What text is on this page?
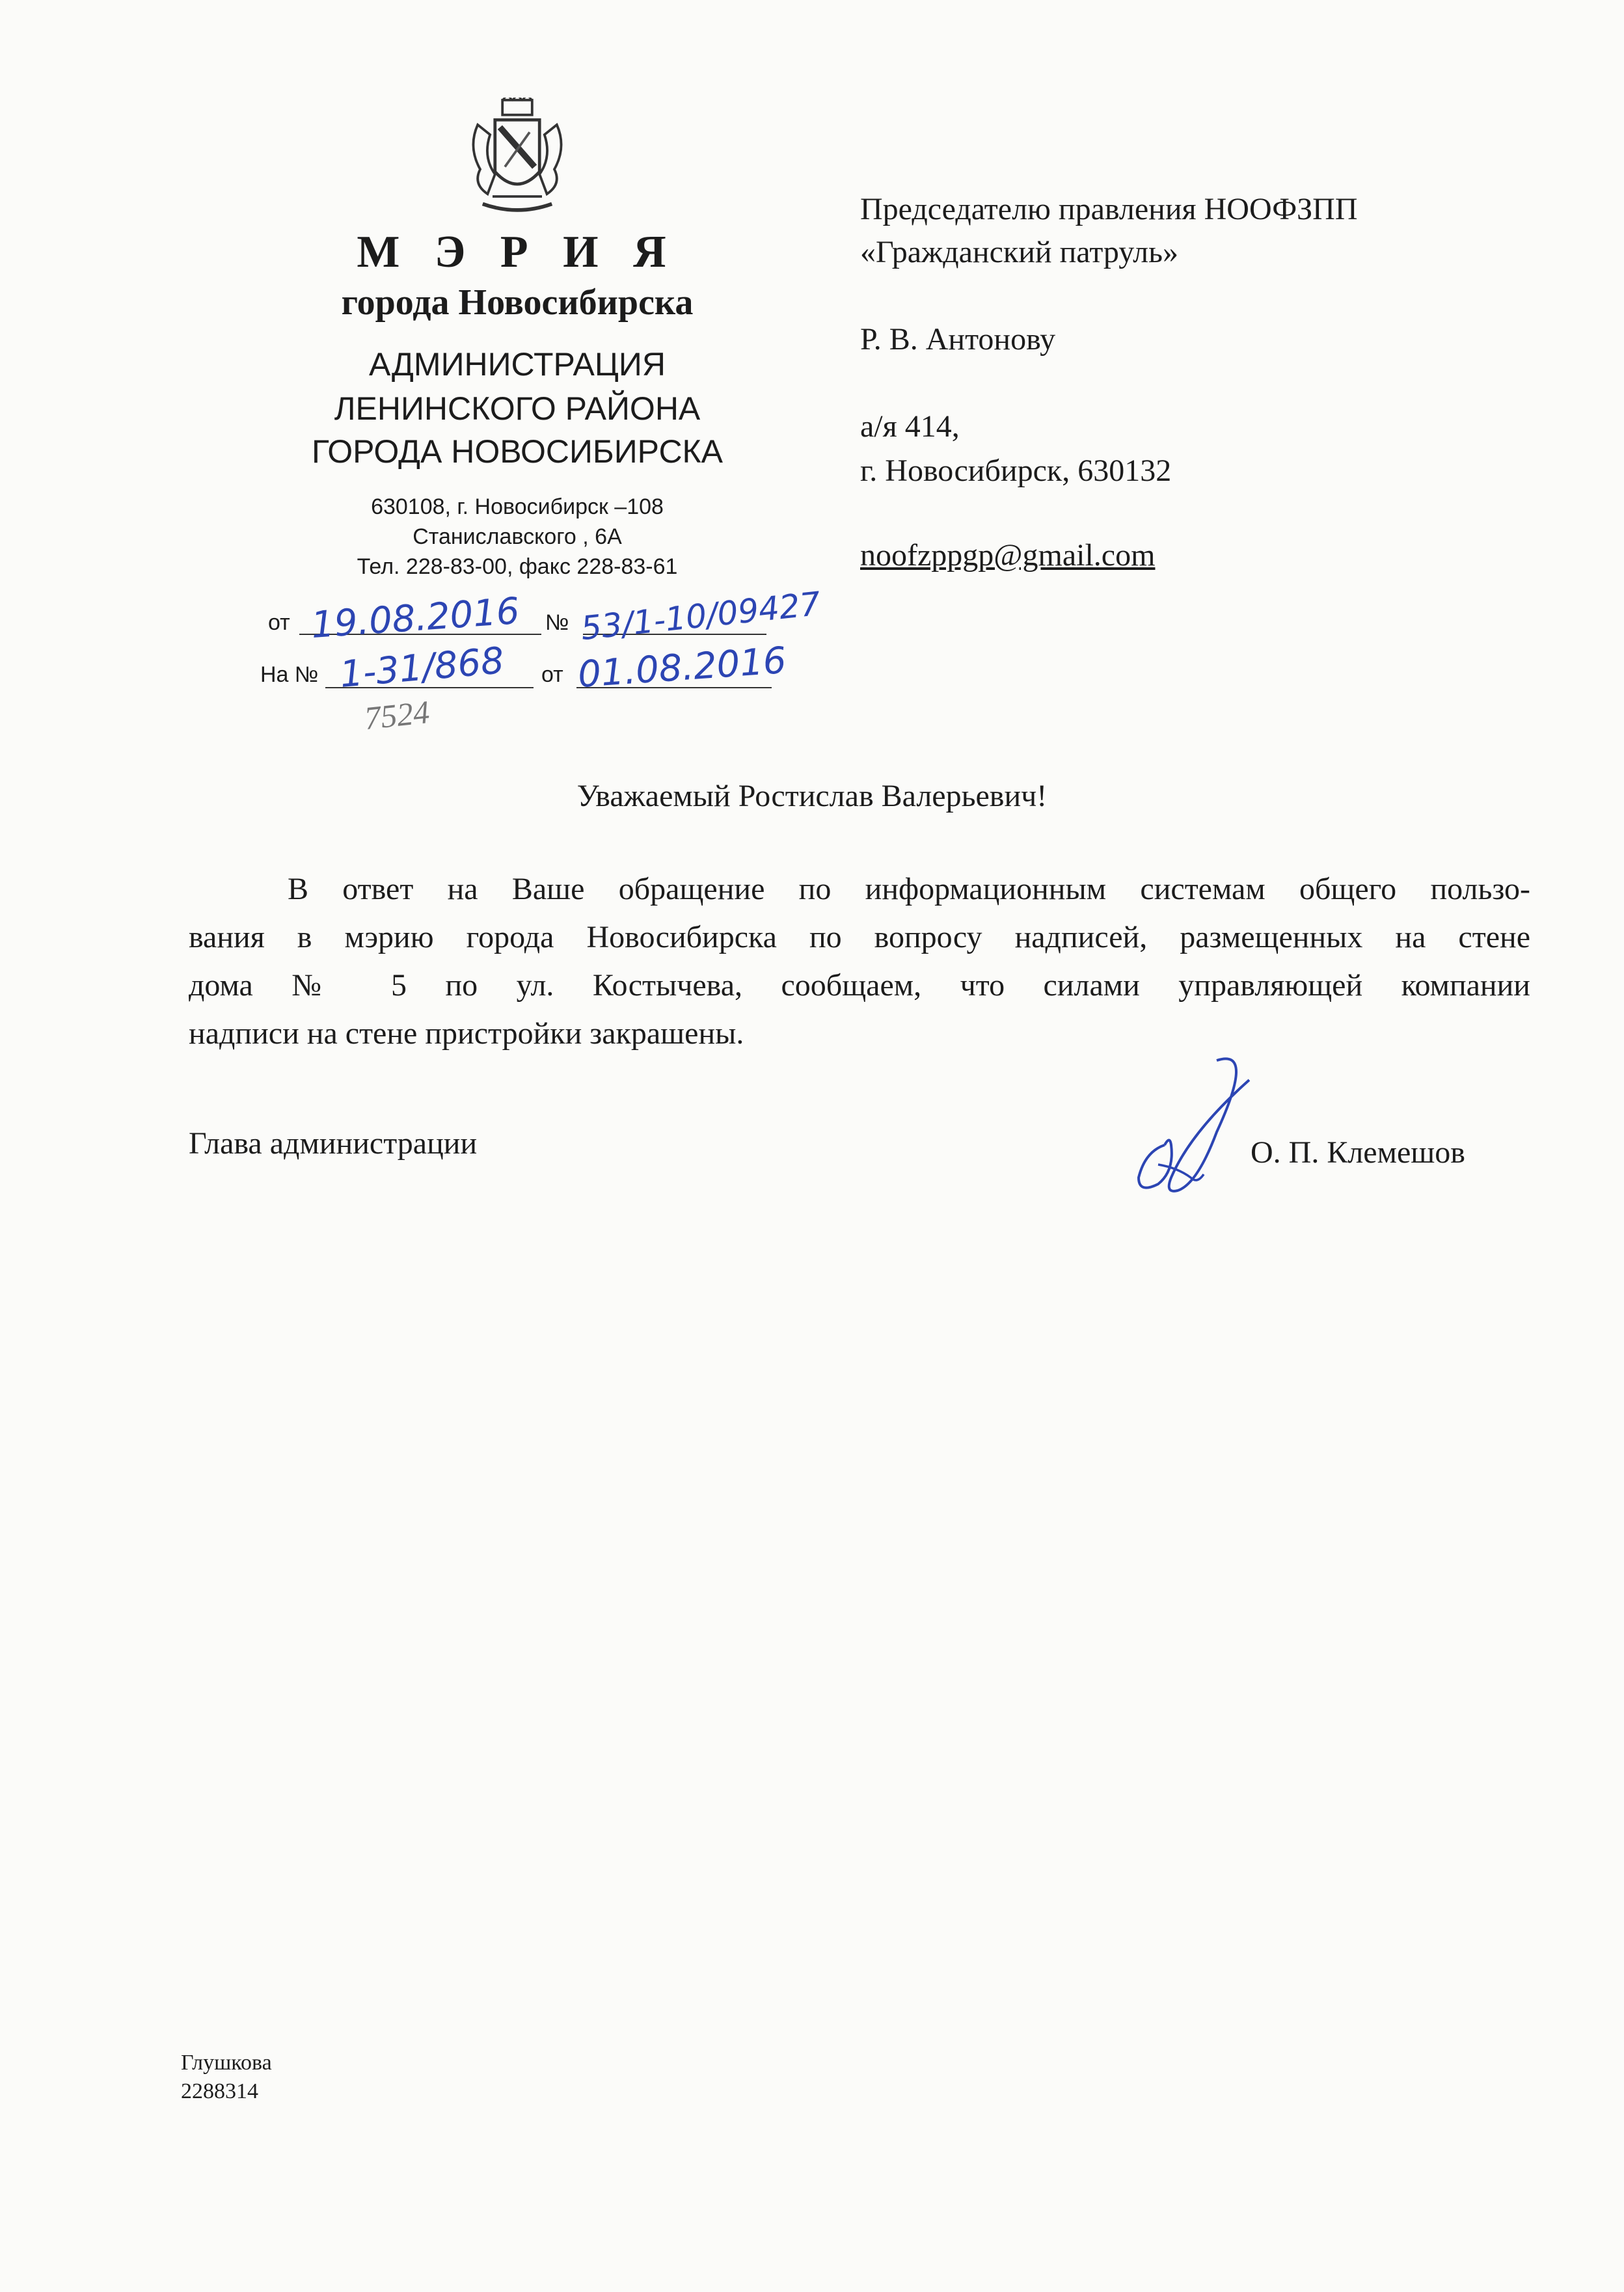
М Э Р И Я
города Новосибирска
АДМИНИСТРАЦИЯ
ЛЕНИНСКОГО РАЙОНА
ГОРОДА НОВОСИБИРСКА
630108, г. Новосибирск –108
Станиславского , 6А
Тел. 228-83-00, факс 228-83-61
от 19.08.2016 № 53/1-10/09427
На № 1-31/868 от 01.08.2016
7524
Председателю правления НООФЗПП
«Гражданский патруль»
Р. В. Антонову
а/я 414,
г. Новосибирск, 630132
noofzppgp@gmail.com
Уважаемый Ростислав Валерьевич!
В ответ на Ваше обращение по информационным системам общего пользо-
вания в мэрию города Новосибирска по вопросу надписей, размещенных на стене
дома № 5 по ул. Костычева, сообщаем, что силами управляющей компании
надписи на стене пристройки закрашены.
Глава администрации	О. П. Клемешов
Глушкова
2288314
